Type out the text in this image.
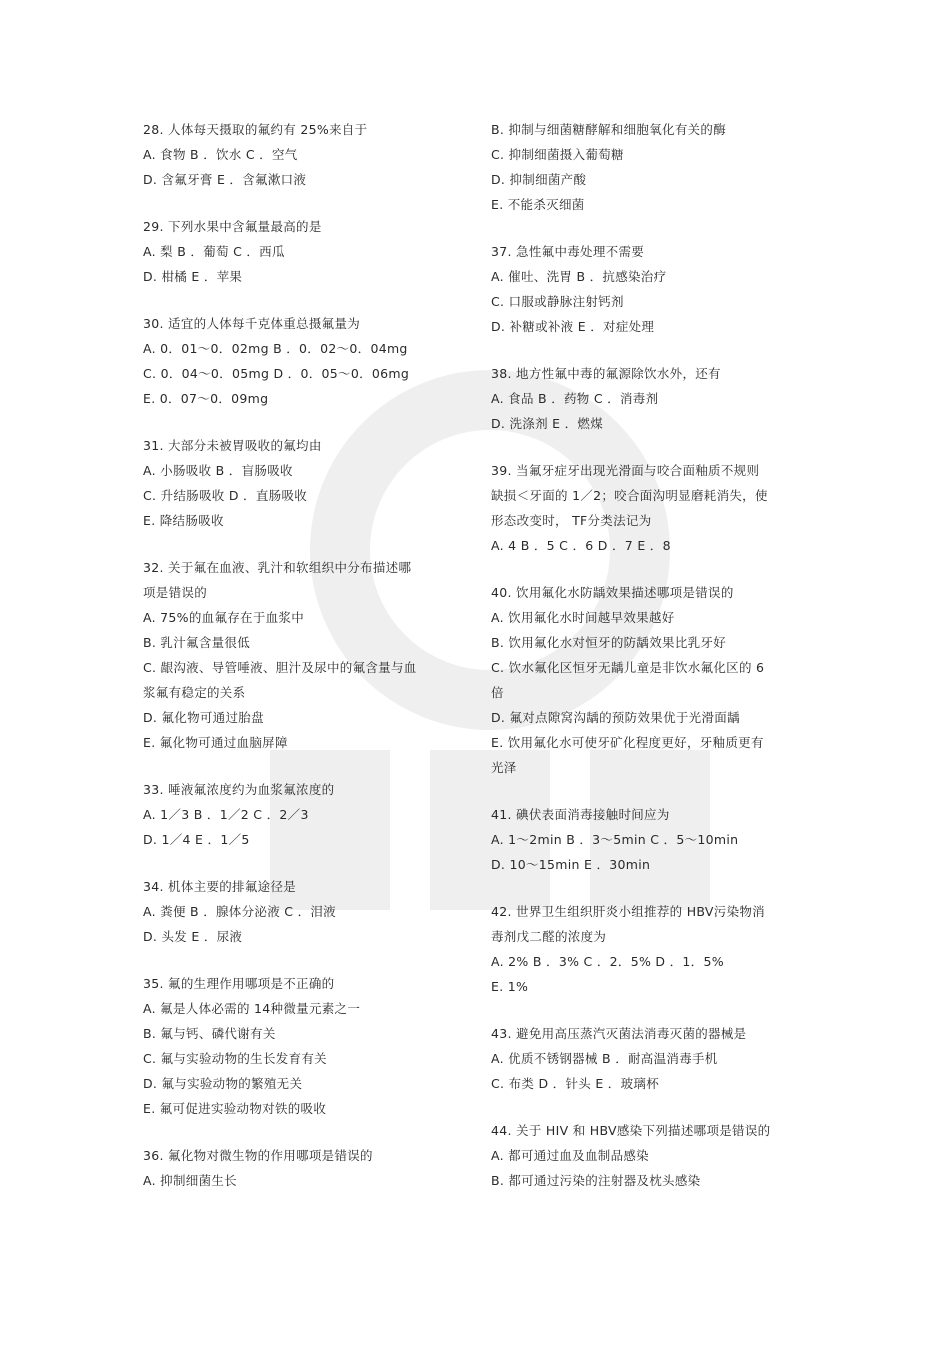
28. 人体每天摄取的氟约有 25%来自于
A. 食物 B ．饮水 C ．空气
D. 含氟牙膏 E ．含氟漱口液
29. 下列水果中含氟量最高的是
A. 梨 B ．葡萄 C ．西瓜
D. 柑橘 E ．苹果
30. 适宜的人体每千克体重总摄氟量为
A. 0．01～0．02mg B ．0．02～0．04mg
C. 0．04～0．05mg D ．0．05～0．06mg
E. 0．07～0．09mg
31. 大部分未被胃吸收的氟均由
A. 小肠吸收 B ．盲肠吸收
C. 升结肠吸收 D ．直肠吸收
E. 降结肠吸收
32. 关于氟在血液、乳汁和软组织中分布描述哪
项是错误的
A. 75%的血氟存在于血浆中
B. 乳汁氟含量很低
C. 龈沟液、导管唾液、胆汁及尿中的氟含量与血
浆氟有稳定的关系
D. 氟化物可通过胎盘
E. 氟化物可通过血脑屏障
33. 唾液氟浓度约为血浆氟浓度的
A. 1／3 B ．1／2 C ．2／3
D. 1／4 E ．1／5
34. 机体主要的排氟途径是
A. 粪便 B ．腺体分泌液 C ．泪液
D. 头发 E ．尿液
35. 氟的生理作用哪项是不正确的
A. 氟是人体必需的 14种微量元素之一
B. 氟与钙、磷代谢有关
C. 氟与实验动物的生长发育有关
D. 氟与实验动物的繁殖无关
E. 氟可促进实验动物对铁的吸收
36. 氟化物对微生物的作用哪项是错误的
A. 抑制细菌生长
B. 抑制与细菌糖酵解和细胞氧化有关的酶
C. 抑制细菌摄入葡萄糖
D. 抑制细菌产酸
E. 不能杀灭细菌
37. 急性氟中毒处理不需要
A. 催吐、洗胃 B ．抗感染治疗
C. 口服或静脉注射钙剂
D. 补糖或补液 E ．对症处理
38. 地方性氟中毒的氟源除饮水外，还有
A. 食品 B ．药物 C ．消毒剂
D. 洗涤剂 E ．燃煤
39. 当氟牙症牙出现光滑面与咬合面釉质不规则
缺损＜牙面的 1／2；咬合面沟明显磨耗消失，使
形态改变时， TF分类法记为
A. 4 B ．5 C ．6 D ．7 E ．8
40. 饮用氟化水防龋效果描述哪项是错误的
A. 饮用氟化水时间越早效果越好
B. 饮用氟化水对恒牙的防龋效果比乳牙好
C. 饮水氟化区恒牙无龋儿童是非饮水氟化区的 6
倍
D. 氟对点隙窝沟龋的预防效果优于光滑面龋
E. 饮用氟化水可使牙矿化程度更好，牙釉质更有
光泽
41. 碘伏表面消毒接触时间应为
A. 1～2min B ．3～5min C ．5～10min
D. 10～15min E ．30min
42. 世界卫生组织肝炎小组推荐的 HBV污染物消
毒剂戊二醛的浓度为
A. 2% B ．3% C ．2．5% D ．1．5%
E. 1%
43. 避免用高压蒸汽灭菌法消毒灭菌的器械是
A. 优质不锈钢器械 B ．耐高温消毒手机
C. 布类 D ．针头 E ．玻璃杯
44. 关于 HIV 和 HBV感染下列描述哪项是错误的
A. 都可通过血及血制品感染
B. 都可通过污染的注射器及枕头感染
